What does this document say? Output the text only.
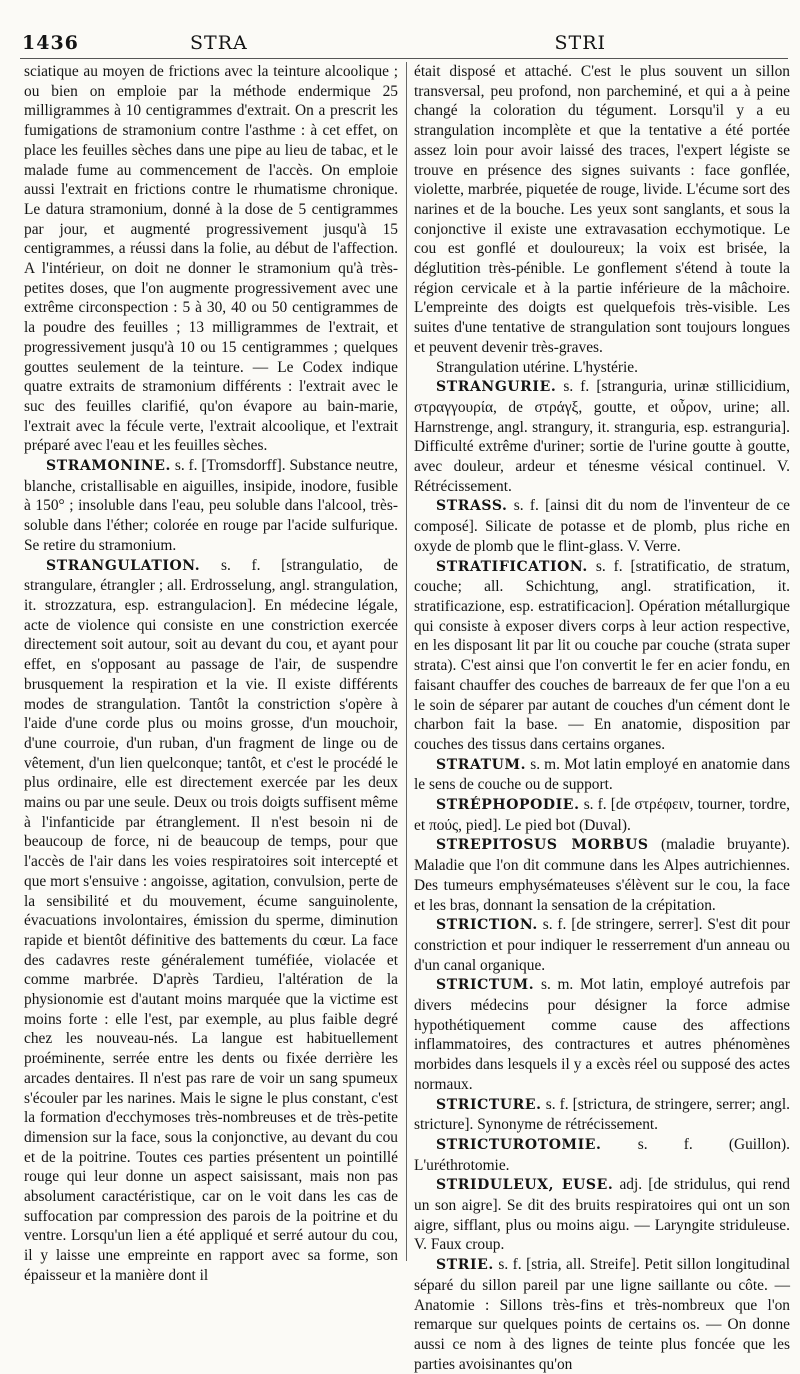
1436	STRA	STRI

sciatique au moyen de frictions avec la teinture alcoolique ; ou bien on emploie par la méthode endermique 25 milligrammes à 10 centigrammes d'extrait. On a prescrit les fumigations de stramonium contre l'asthme : à cet effet, on place les feuilles sèches dans une pipe au lieu de tabac, et le malade fume au commencement de l'accès. On emploie aussi l'extrait en frictions contre le rhumatisme chronique. Le datura stramonium, donné à la dose de 5 centigrammes par jour, et augmenté progressivement jusqu'à 15 centigrammes, a réussi dans la folie, au début de l'affection. A l'intérieur, on doit ne donner le stramonium qu'à très-petites doses, que l'on augmente progressivement avec une extrême circonspection : 5 à 30, 40 ou 50 centigrammes de la poudre des feuilles ; 13 milligrammes de l'extrait, et progressivement jusqu'à 10 ou 15 centigrammes ; quelques gouttes seulement de la teinture. — Le Codex indique quatre extraits de stramonium différents : l'extrait avec le suc des feuilles clarifié, qu'on évapore au bain-marie, l'extrait avec la fécule verte, l'extrait alcoolique, et l'extrait préparé avec l'eau et les feuilles sèches.

STRAMONINE. s. f. [Tromsdorff]. Substance neutre, blanche, cristallisable en aiguilles, insipide, inodore, fusible à 150° ; insoluble dans l'eau, peu soluble dans l'alcool, très-soluble dans l'éther; colorée en rouge par l'acide sulfurique. Se retire du stramonium.

STRANGULATION. s. f. [strangulatio, de strangulare, étrangler ; all. Erdrosselung, angl. strangulation, it. strozzatura, esp. estrangulacion]. En médecine légale, acte de violence qui consiste en une constriction exercée directement soit autour, soit au devant du cou, et ayant pour effet, en s'opposant au passage de l'air, de suspendre brusquement la respiration et la vie. Il existe différents modes de strangulation. Tantôt la constriction s'opère à l'aide d'une corde plus ou moins grosse, d'un mouchoir, d'une courroie, d'un ruban, d'un fragment de linge ou de vêtement, d'un lien quelconque; tantôt, et c'est le procédé le plus ordinaire, elle est directement exercée par les deux mains ou par une seule. Deux ou trois doigts suffisent même à l'infanticide par étranglement. Il n'est besoin ni de beaucoup de force, ni de beaucoup de temps, pour que l'accès de l'air dans les voies respiratoires soit intercepté et que mort s'ensuive : angoisse, agitation, convulsion, perte de la sensibilité et du mouvement, écume sanguinolente, évacuations involontaires, émission du sperme, diminution rapide et bientôt définitive des battements du cœur. La face des cadavres reste généralement tuméfiée, violacée et comme marbrée. D'après Tardieu, l'altération de la physionomie est d'autant moins marquée que la victime est moins forte : elle l'est, par exemple, au plus faible degré chez les nouveau-nés. La langue est habituellement proéminente, serrée entre les dents ou fixée derrière les arcades dentaires. Il n'est pas rare de voir un sang spumeux s'écouler par les narines. Mais le signe le plus constant, c'est la formation d'ecchymoses très-nombreuses et de très-petite dimension sur la face, sous la conjonctive, au devant du cou et de la poitrine. Toutes ces parties présentent un pointillé rouge qui leur donne un aspect saisissant, mais non pas absolument caractéristique, car on le voit dans les cas de suffocation par compression des parois de la poitrine et du ventre. Lorsqu'un lien a été appliqué et serré autour du cou, il y laisse une empreinte en rapport avec sa forme, son épaisseur et la manière dont il

était disposé et attaché. C'est le plus souvent un sillon transversal, peu profond, non parcheminé, et qui a à peine changé la coloration du tégument. Lorsqu'il y a eu strangulation incomplète et que la tentative a été portée assez loin pour avoir laissé des traces, l'expert légiste se trouve en présence des signes suivants : face gonflée, violette, marbrée, piquetée de rouge, livide. L'écume sort des narines et de la bouche. Les yeux sont sanglants, et sous la conjonctive il existe une extravasation ecchymotique. Le cou est gonflé et douloureux; la voix est brisée, la déglutition très-pénible. Le gonflement s'étend à toute la région cervicale et à la partie inférieure de la mâchoire. L'empreinte des doigts est quelquefois très-visible. Les suites d'une tentative de strangulation sont toujours longues et peuvent devenir très-graves.

Strangulation utérine. L'hystérie.

STRANGURIE. s. f. [stranguria, urinæ stillicidium, στραγγουρία, de στράγξ, goutte, et οὖρον, urine; all. Harnstrenge, angl. strangury, it. stranguria, esp. estranguria]. Difficulté extrême d'uriner; sortie de l'urine goutte à goutte, avec douleur, ardeur et ténesme vésical continuel. V. Rétrécissement.

STRASS. s. f. [ainsi dit du nom de l'inventeur de ce composé]. Silicate de potasse et de plomb, plus riche en oxyde de plomb que le flint-glass. V. Verre.

STRATIFICATION. s. f. [stratificatio, de stratum, couche; all. Schichtung, angl. stratification, it. stratificazione, esp. estratificacion]. Opération métallurgique qui consiste à exposer divers corps à leur action respective, en les disposant lit par lit ou couche par couche (strata super strata). C'est ainsi que l'on convertit le fer en acier fondu, en faisant chauffer des couches de barreaux de fer que l'on a eu le soin de séparer par autant de couches d'un cément dont le charbon fait la base. — En anatomie, disposition par couches des tissus dans certains organes.

STRATUM. s. m. Mot latin employé en anatomie dans le sens de couche ou de support.

STRÉPHOPODIE. s. f. [de στρέφειν, tourner, tordre, et πούς, pied]. Le pied bot (Duval).

STREPITOSUS MORBUS (maladie bruyante). Maladie que l'on dit commune dans les Alpes autrichiennes. Des tumeurs emphysémateuses s'élèvent sur le cou, la face et les bras, donnant la sensation de la crépitation.

STRICTION. s. f. [de stringere, serrer]. S'est dit pour constriction et pour indiquer le resserrement d'un anneau ou d'un canal organique.

STRICTUM. s. m. Mot latin, employé autrefois par divers médecins pour désigner la force admise hypothétiquement comme cause des affections inflammatoires, des contractures et autres phénomènes morbides dans lesquels il y a excès réel ou supposé des actes normaux.

STRICTURE. s. f. [strictura, de stringere, serrer; angl. stricture]. Synonyme de rétrécissement.

STRICTUROTOMIE. s. f. (Guillon). L'uréthrotomie.

STRIDULEUX, EUSE. adj. [de stridulus, qui rend un son aigre]. Se dit des bruits respiratoires qui ont un son aigre, sifflant, plus ou moins aigu. — Laryngite striduleuse. V. Faux croup.

STRIE. s. f. [stria, all. Streife]. Petit sillon longitudinal séparé du sillon pareil par une ligne saillante ou côte. — Anatomie : Sillons très-fins et très-nombreux que l'on remarque sur quelques points de certains os. — On donne aussi ce nom à des lignes de teinte plus foncée que les parties avoisinantes qu'on
